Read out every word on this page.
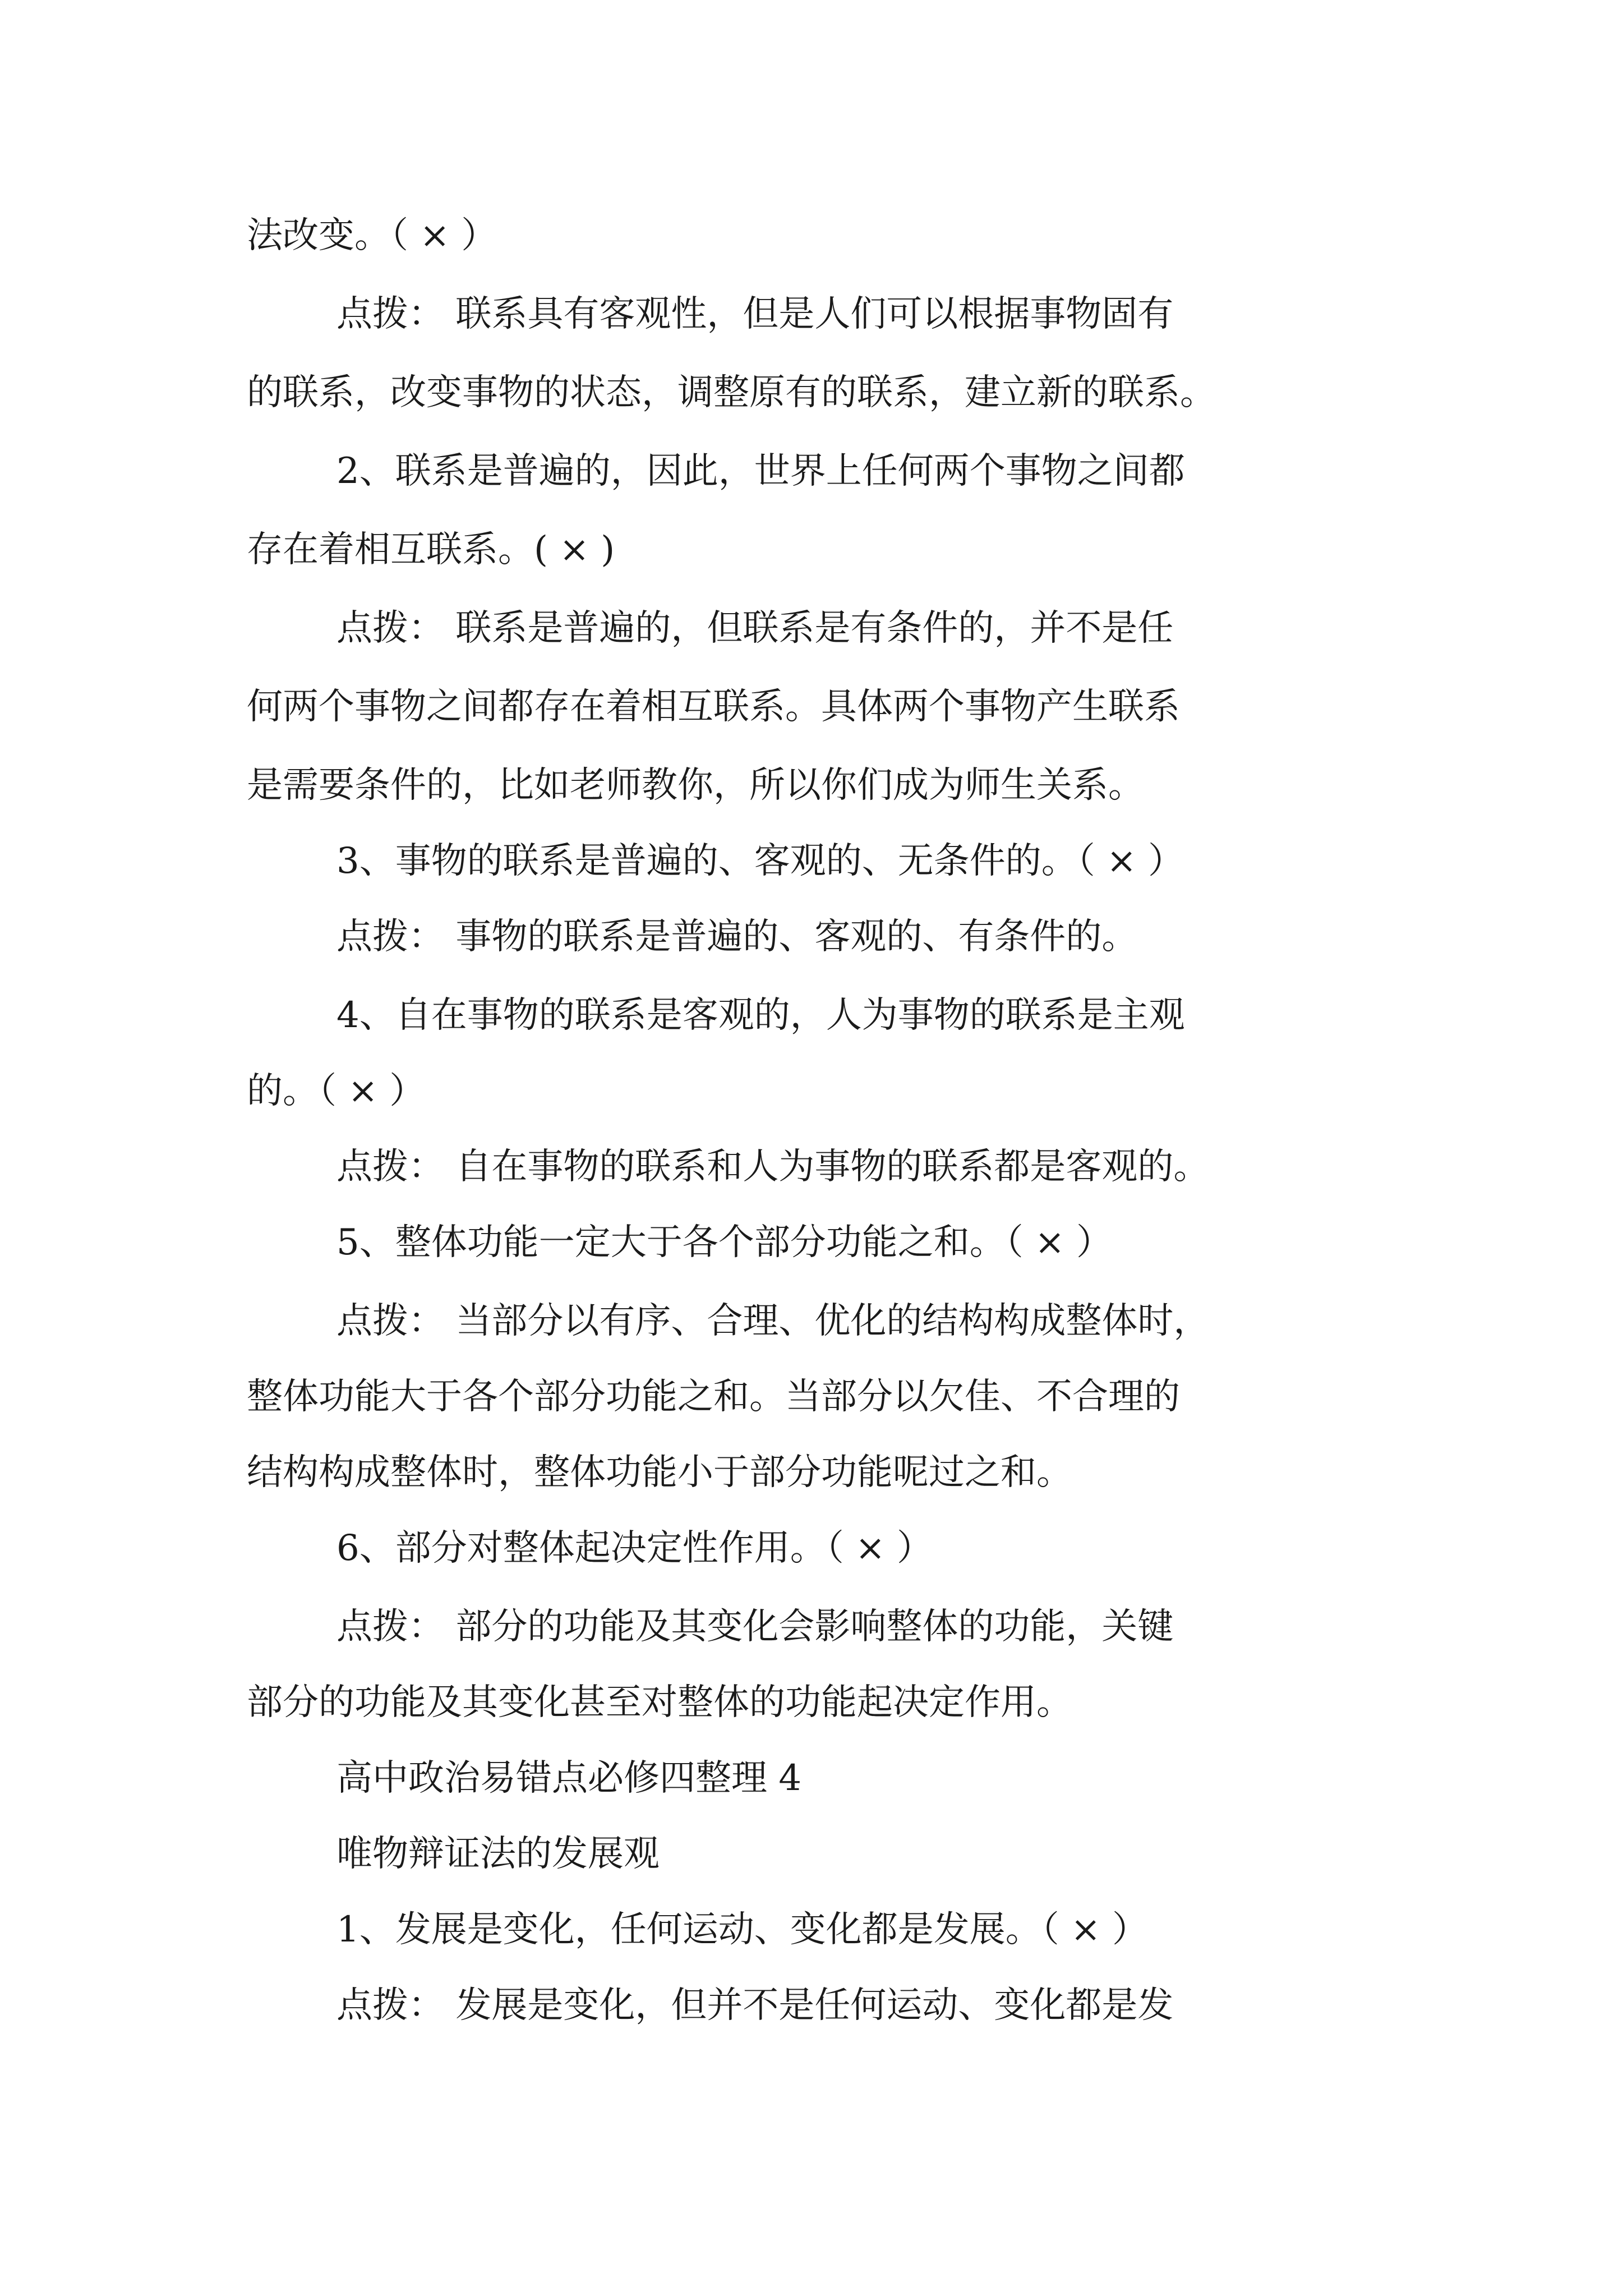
法改变。（ × ）
点拨： 联系具有客观性，但是人们可以根据事物固有
的联系，改变事物的状态，调整原有的联系，建立新的联系。
2、联系是普遍的，因此，世界上任何两个事物之间都
存在着相互联系。( × )
点拨： 联系是普遍的，但联系是有条件的，并不是任
何两个事物之间都存在着相互联系。具体两个事物产生联系
是需要条件的，比如老师教你，所以你们成为师生关系。
3、事物的联系是普遍的、客观的、无条件的。（ × ）
点拨： 事物的联系是普遍的、客观的、有条件的。
4、自在事物的联系是客观的，人为事物的联系是主观
的。（ × ）
点拨： 自在事物的联系和人为事物的联系都是客观的。
5、整体功能一定大于各个部分功能之和。（ × ）
点拨： 当部分以有序、合理、优化的结构构成整体时，
整体功能大于各个部分功能之和。当部分以欠佳、不合理的
结构构成整体时，整体功能小于部分功能呢过之和。
6、部分对整体起决定性作用。（ × ）
点拨： 部分的功能及其变化会影响整体的功能，关键
部分的功能及其变化甚至对整体的功能起决定作用。
高中政治易错点必修四整理 4
唯物辩证法的发展观
1、发展是变化，任何运动、变化都是发展。（ × ）
点拨： 发展是变化，但并不是任何运动、变化都是发
